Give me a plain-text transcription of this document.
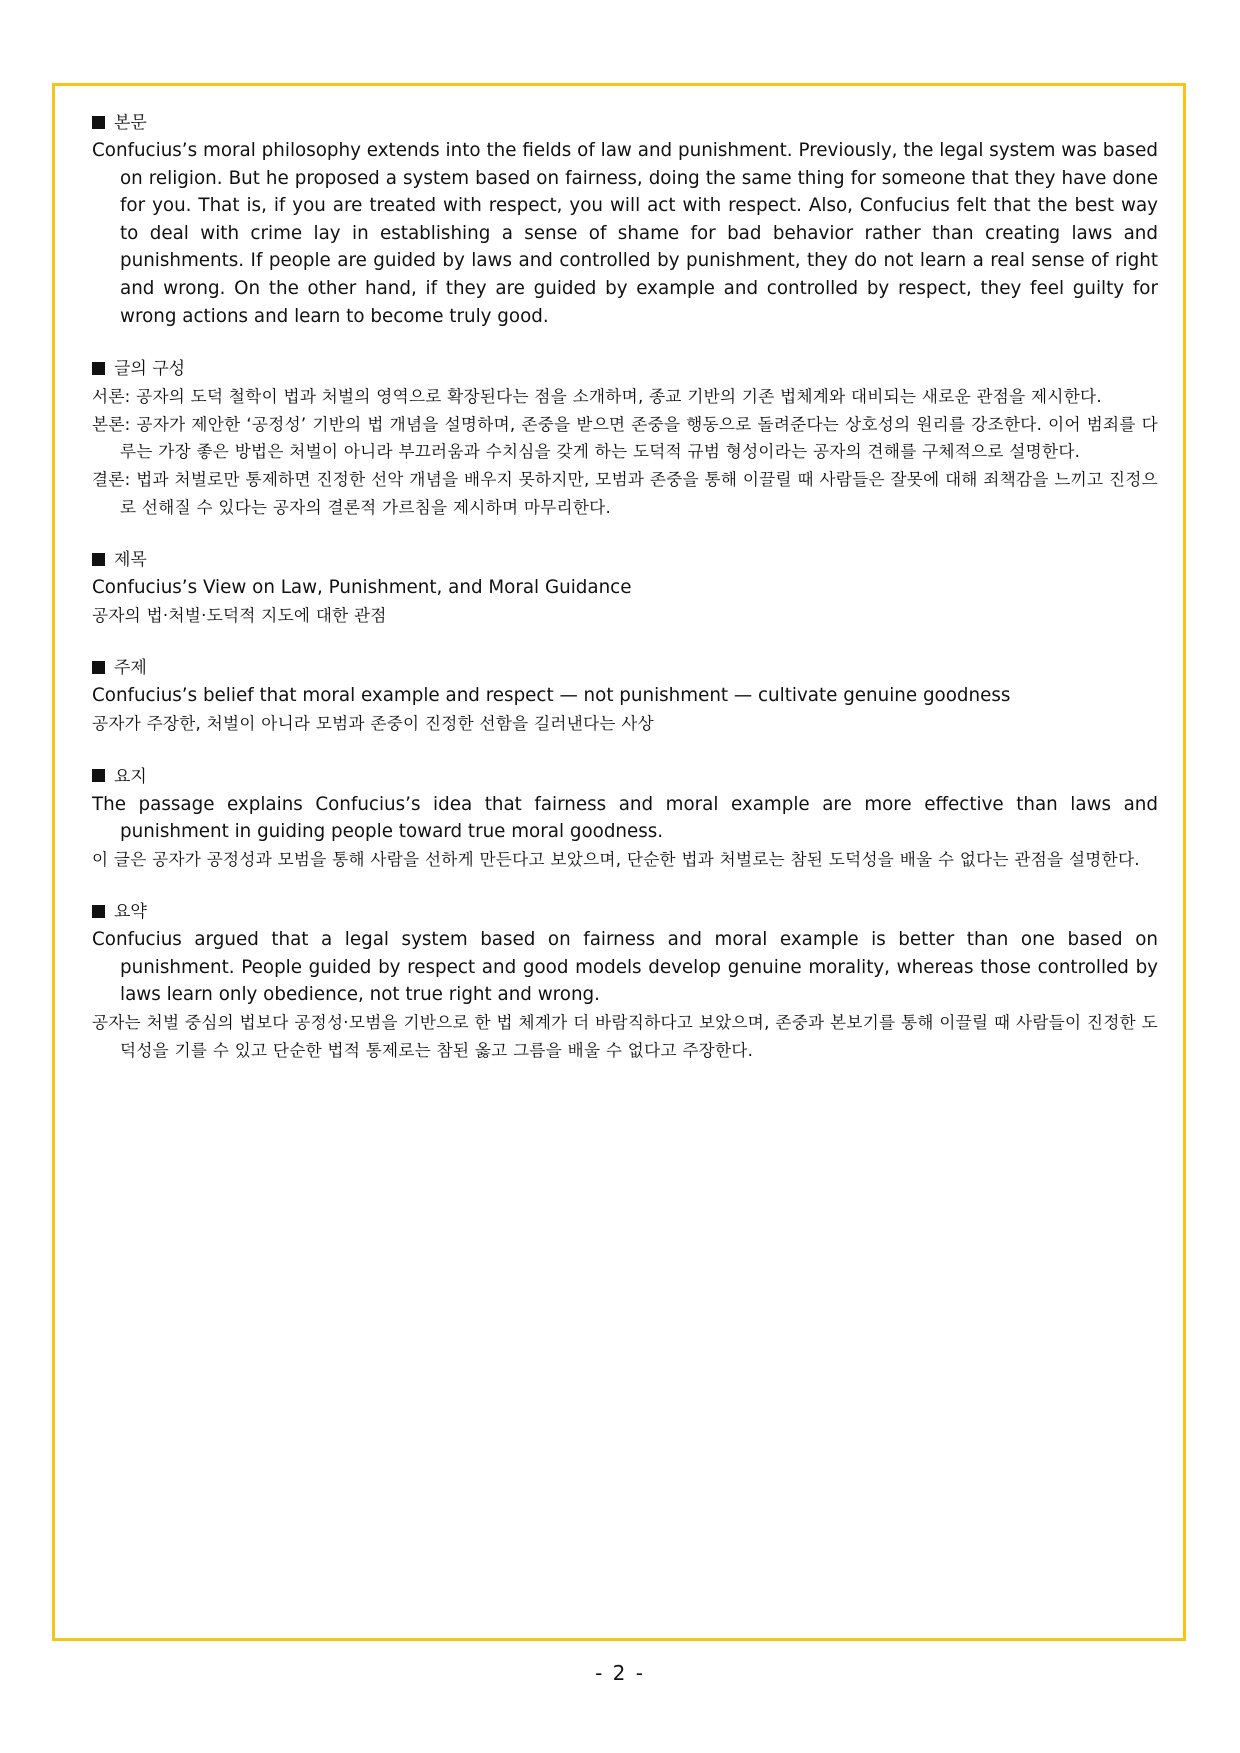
본문

Confucius’s moral philosophy extends into the fields of law and punishment. Previously, the legal system was based on religion. But he proposed a system based on fairness, doing the same thing for someone that they have done for you. That is, if you are treated with respect, you will act with respect. Also, Confucius felt that the best way to deal with crime lay in establishing a sense of shame for bad behavior rather than creating laws and punishments. If people are guided by laws and controlled by punishment, they do not learn a real sense of right and wrong. On the other hand, if they are guided by example and controlled by respect, they feel guilty for wrong actions and learn to become truly good.

글의 구성

서론: 공자의 도덕 철학이 법과 처벌의 영역으로 확장된다는 점을 소개하며, 종교 기반의 기존 법체계와 대비되는 새로운 관점을 제시한다.

본론: 공자가 제안한 ‘공정성’ 기반의 법 개념을 설명하며, 존중을 받으면 존중을 행동으로 돌려준다는 상호성의 원리를 강조한다. 이어 범죄를 다루는 가장 좋은 방법은 처벌이 아니라 부끄러움과 수치심을 갖게 하는 도덕적 규범 형성이라는 공자의 견해를 구체적으로 설명한다.

결론: 법과 처벌로만 통제하면 진정한 선악 개념을 배우지 못하지만, 모범과 존중을 통해 이끌릴 때 사람들은 잘못에 대해 죄책감을 느끼고 진정으로 선해질 수 있다는 공자의 결론적 가르침을 제시하며 마무리한다.

제목

Confucius’s View on Law, Punishment, and Moral Guidance

공자의 법·처벌·도덕적 지도에 대한 관점

주제

Confucius’s belief that moral example and respect — not punishment — cultivate genuine goodness

공자가 주장한, 처벌이 아니라 모범과 존중이 진정한 선함을 길러낸다는 사상

요지

The passage explains Confucius’s idea that fairness and moral example are more effective than laws and punishment in guiding people toward true moral goodness.

이 글은 공자가 공정성과 모범을 통해 사람을 선하게 만든다고 보았으며, 단순한 법과 처벌로는 참된 도덕성을 배울 수 없다는 관점을 설명한다.

요약

Confucius argued that a legal system based on fairness and moral example is better than one based on punishment. People guided by respect and good models develop genuine morality, whereas those controlled by laws learn only obedience, not true right and wrong.

공자는 처벌 중심의 법보다 공정성·모범을 기반으로 한 법 체계가 더 바람직하다고 보았으며, 존중과 본보기를 통해 이끌릴 때 사람들이 진정한 도덕성을 기를 수 있고 단순한 법적 통제로는 참된 옳고 그름을 배울 수 없다고 주장한다.

- 2 -
